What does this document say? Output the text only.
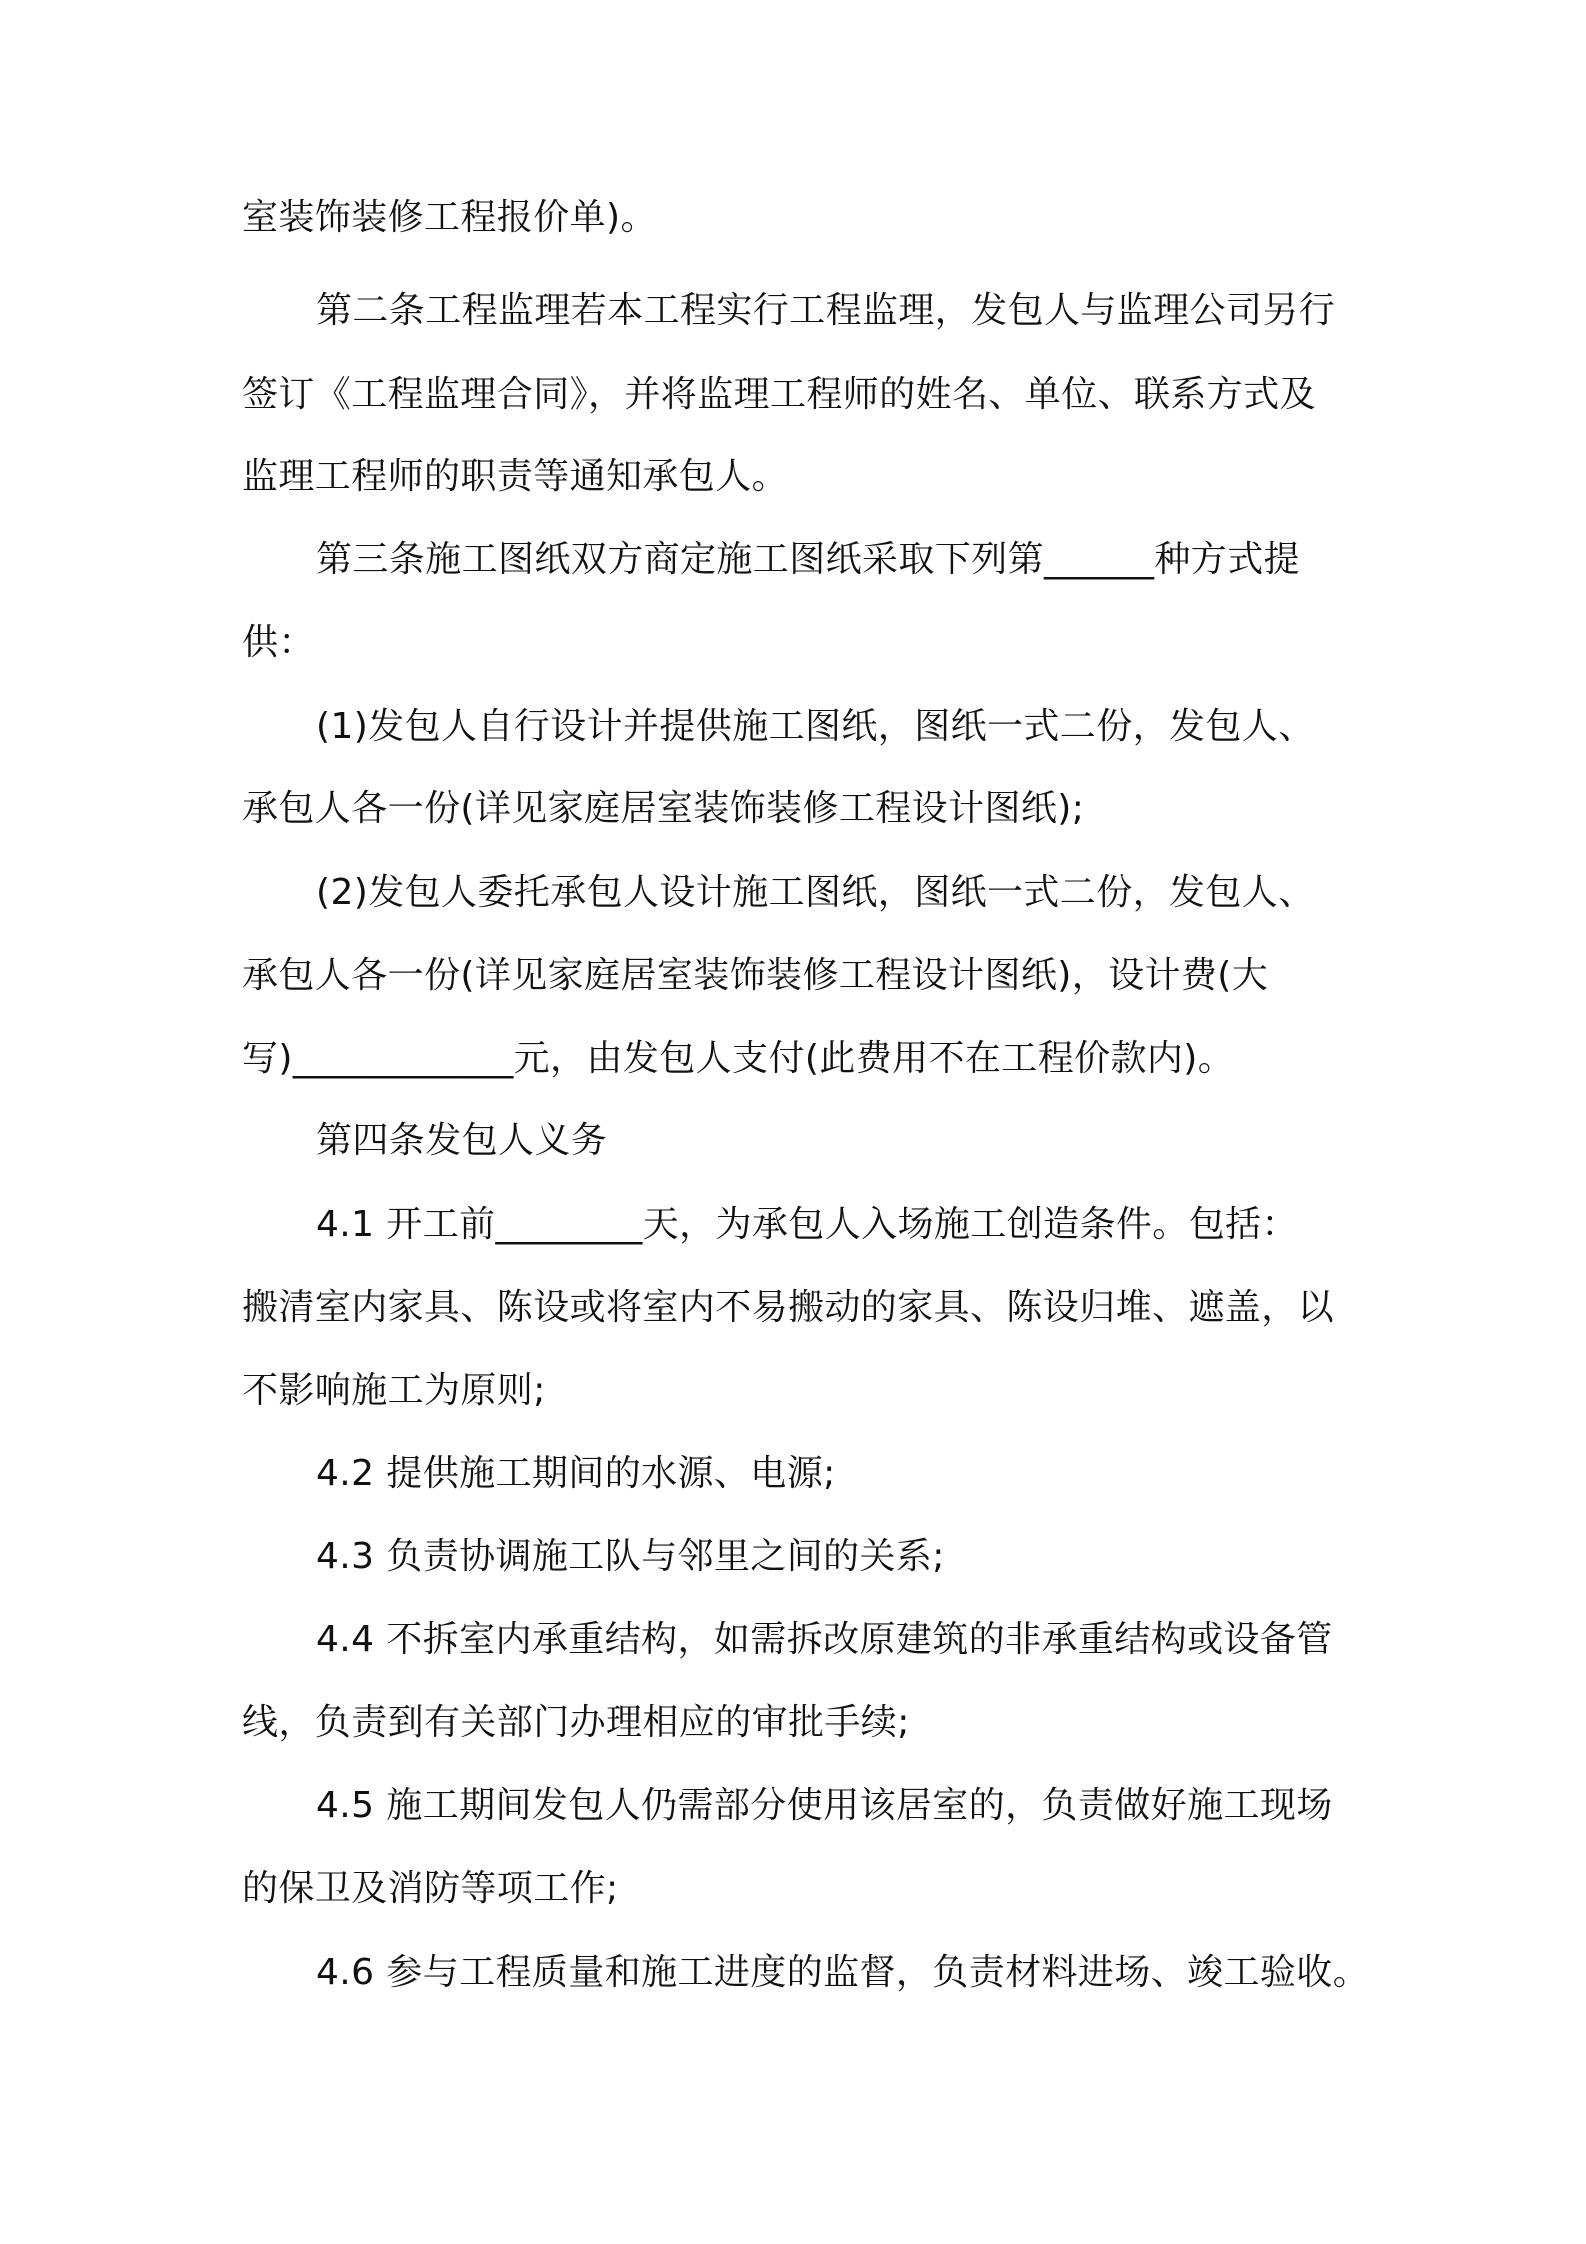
室装饰装修工程报价单)。
第二条工程监理若本工程实行工程监理，发包人与监理公司另行
签订《工程监理合同》，并将监理工程师的姓名、单位、联系方式及
监理工程师的职责等通知承包人。
第三条施工图纸双方商定施工图纸采取下列第______种方式提
供：
(1)发包人自行设计并提供施工图纸，图纸一式二份，发包人、
承包人各一份(详见家庭居室装饰装修工程设计图纸);
(2)发包人委托承包人设计施工图纸，图纸一式二份，发包人、
承包人各一份(详见家庭居室装饰装修工程设计图纸)，设计费(大
写)____________元，由发包人支付(此费用不在工程价款内)。
第四条发包人义务
4.1 开工前________天，为承包人入场施工创造条件。包括：
搬清室内家具、陈设或将室内不易搬动的家具、陈设归堆、遮盖，以
不影响施工为原则;
4.2 提供施工期间的水源、电源;
4.3 负责协调施工队与邻里之间的关系;
4.4 不拆室内承重结构，如需拆改原建筑的非承重结构或设备管
线，负责到有关部门办理相应的审批手续;
4.5 施工期间发包人仍需部分使用该居室的，负责做好施工现场
的保卫及消防等项工作;
4.6 参与工程质量和施工进度的监督，负责材料进场、竣工验收。
